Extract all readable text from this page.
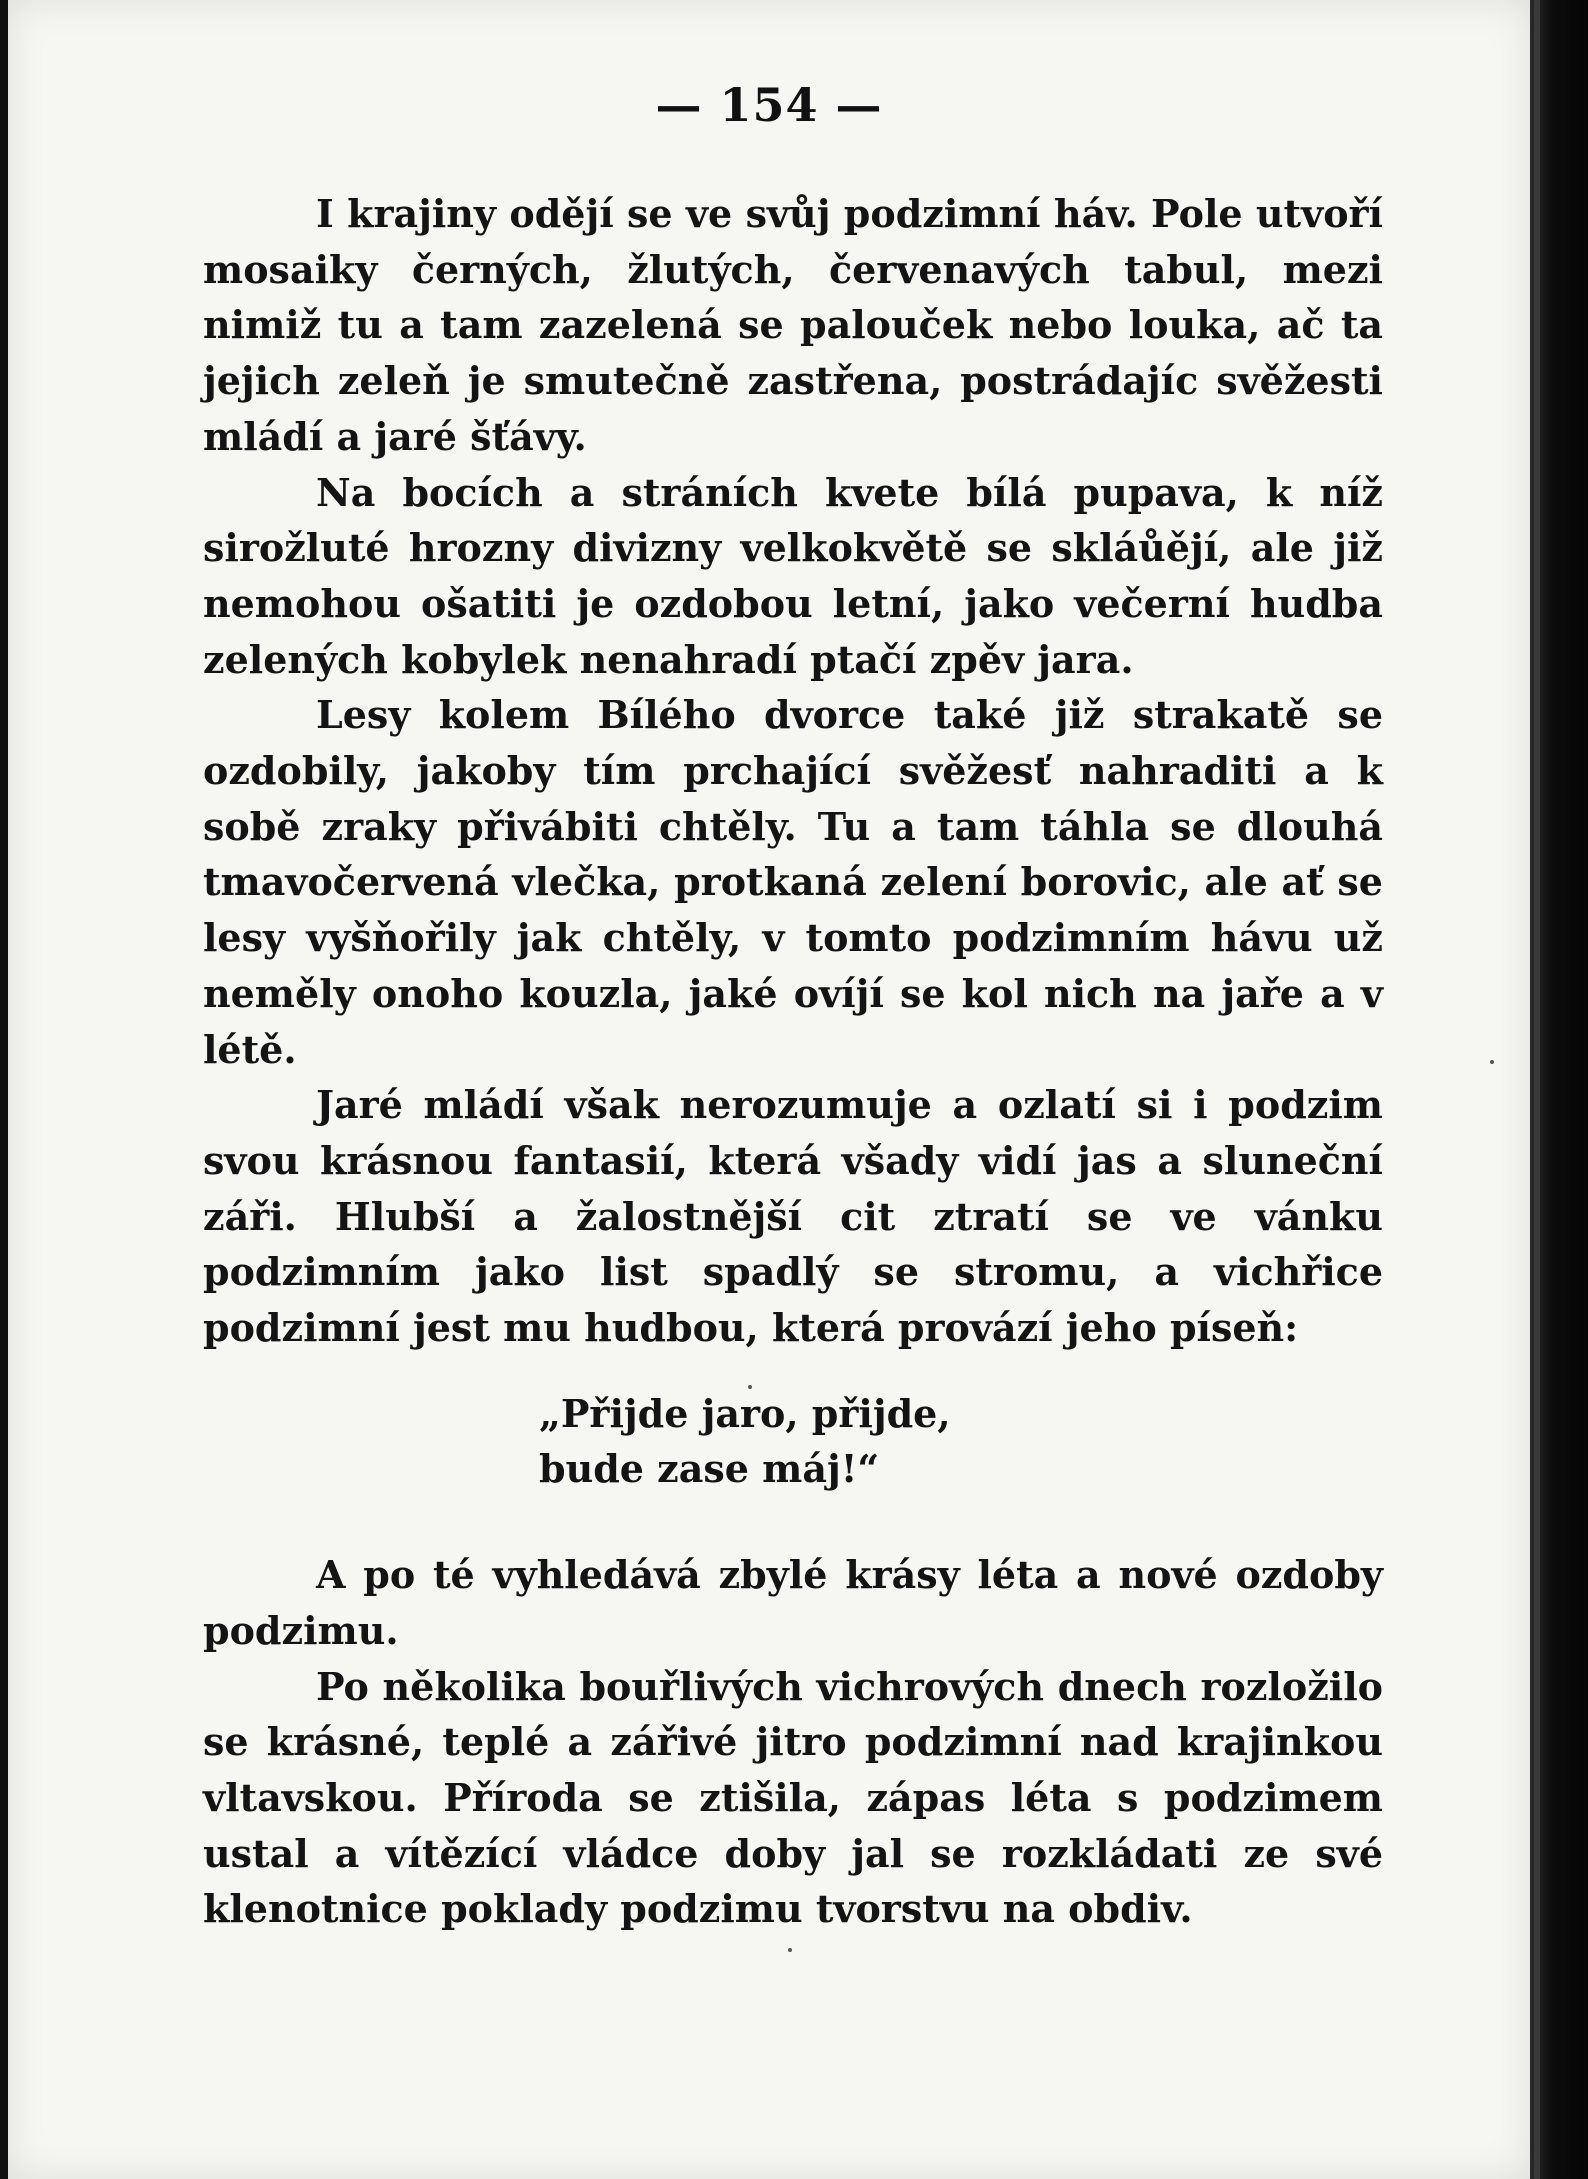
— 154 —

I krajiny odějí se ve svůj podzimní háv. Pole utvoří mosaiky černých, žlutých, červenavých tabul, mezi nimiž tu a tam zazelená se palouček nebo louka, ač ta jejich zeleň je smutečně zastřena, postrádajíc svěžesti mládí a jaré šťávy.

Na bocích a stráních kvete bílá pupava, k níž sirožluté hrozny divizny velkokvětě se skláůějí, ale již nemohou ošatiti je ozdobou letní, jako večerní hudba zelených kobylek nenahradí ptačí zpěv jara.

Lesy kolem Bílého dvorce také již strakatě se ozdobily, jakoby tím prchající svěžesť nahraditi a k sobě zraky přivábiti chtěly. Tu a tam táhla se dlouhá tmavočervená vlečka, protkaná zelení borovic, ale ať se lesy vyšňořily jak chtěly, v tomto podzimním hávu už neměly onoho kouzla, jaké ovíjí se kol nich na jaře a v létě.

Jaré mládí však nerozumuje a ozlatí si i podzim svou krásnou fantasií, která všady vidí jas a sluneční záři. Hlubší a žalostnější cit ztratí se ve vánku podzimním jako list spadlý se stromu, a vichřice podzimní jest mu hudbou, která provází jeho píseň:

„Přijde jaro, přijde,
bude zase máj!“

A po té vyhledává zbylé krásy léta a nové ozdoby podzimu.

Po několika bouřlivých vichrových dnech rozložilo se krásné, teplé a zářivé jitro podzimní nad krajinkou vltavskou. Příroda se ztišila, zápas léta s podzimem ustal a vítězící vládce doby jal se rozkládati ze své klenotnice poklady podzimu tvorstvu na obdiv.
